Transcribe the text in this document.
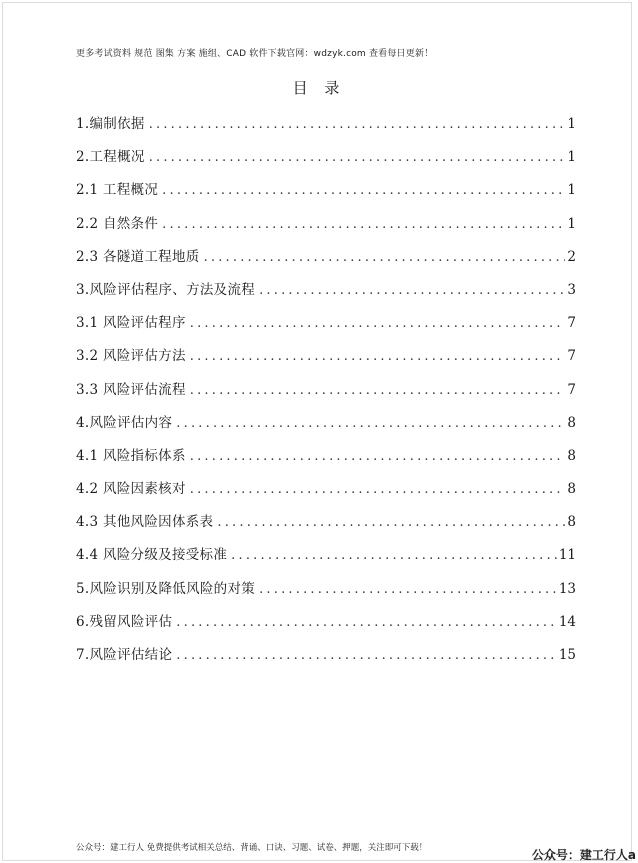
更多考试资料 规范 图集 方案 施组、CAD 软件下载官网：wdzyk.com 查看每日更新！
目 录
1.编制依据 .....	1
2.工程概况 .....	1
2.1 工程概况 .....	1
2.2 自然条件 .....	1
2.3 各隧道工程地质 .....	2
3.风险评估程序、方法及流程 .....	3
3.1 风险评估程序 .....	7
3.2 风险评估方法 .....	7
3.3 风险评估流程 .....	7
4.风险评估内容 .....	8
4.1 风险指标体系 .....	8
4.2 风险因素核对 .....	8
4.3 其他风险因体系表 .....	8
4.4 风险分级及接受标准 .....	11
5.风险识别及降低风险的对策 .....	13
6.残留风险评估 .....	14
7.风险评估结论 .....	15
公众号：建工行人 免费提供考试相关总结、背诵、口诀、习题、试卷、押题，关注即可下载！	公众号：建工行人a
